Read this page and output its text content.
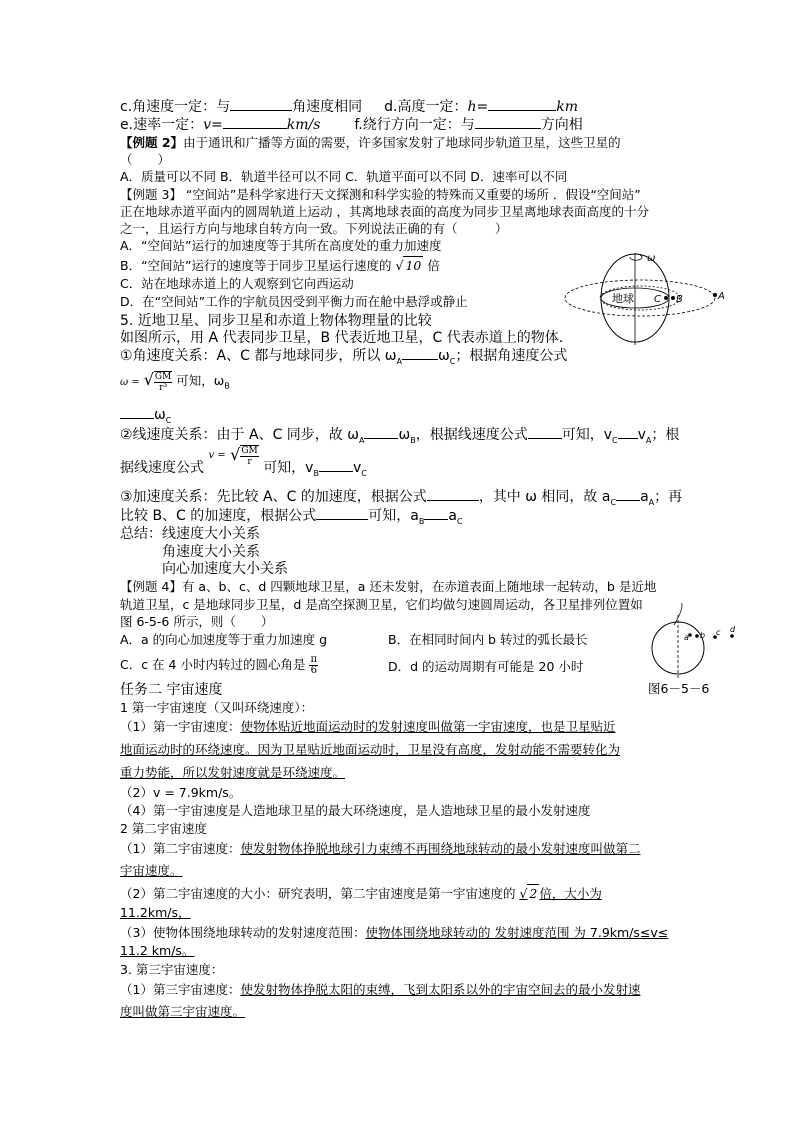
c.角速度一定：与	角速度相同 d.高度一定：h=	km
e.速率一定：v=	km/s f.绕行方向一定：与	方向相
【例题 2】由于通讯和广播等方面的需要，许多国家发射了地球同步轨道卫星，这些卫星的
（　　）
A．质量可以不同 B．轨道半径可以不同 C．轨道平面可以不同 D．速率可以不同
【例题 3】 “空间站”是科学家进行天文探测和科学实验的特殊而又重要的场所 ．假设“空间站”
正在地球赤道平面内的圆周轨道上运动 ，其离地球表面的高度为同步卫星离地球表面高度的十分
之一，且运行方向与地球自转方向一致。下列说法正确的有（　　　）
A．“空间站”运行的加速度等于其所在高度处的重力加速度
B．“空间站”运行的速度等于同步卫星运行速度的 √ 10 倍
C．站在地球赤道上的人观察到它向西运动
D．在“空间站”工作的宇航员因受到平衡力而在舱中悬浮或静止
ω
地球 C B	A
5. 近地卫星、同步卫星和赤道上物体物理量的比较
如图所示，用 A 代表同步卫星，B 代表近地卫星，C 代表赤道上的物体.
①角速度关系：A、C 都与地球同步，所以 $\omega_A$	$\omega_C$；根据角速度公式
ω = √ $\frac{GM}{\text{r³}}$ 可知，$\omega_B$
$\omega_C$
②线速度关系：由于 A、C 同步，故 $\omega_A$ $\omega_B$，根据线速度公式 可知，$v_C$ $v_A$；根
据线速度公式 v = √ $\frac{GM}{r}$
可知，$v_B$ $v_C$
③加速度关系：先比较 A、C 的加速度，根据公式	，其中 ω 相同，故 $a_C$ $a_A$；再
比较 B、C 的加速度，根据公式	可知，$a_B$ $a_C$
总结：线速度大小关系
角速度大小关系
向心加速度大小关系
【例题 4】有 a、b、c、d 四颗地球卫星，a 还未发射，在赤道表面上随地球一起转动，b 是近地
轨道卫星，c 是地球同步卫星，d 是高空探测卫星，它们均做匀速圆周运动，各卫星排列位置如
图 6-5-6 所示，则（　　）
A．a 的向心加速度等于重力加速度 g	B．在相同时间内 b 转过的弧长最长
C．c 在 4 小时内转过的圆心角是 $\frac{\pi}{6}$	D．d 的运动周期有可能是 20 小时
a b c d
图6－5－6
任务二 宇宙速度
1 第一宇宙速度（又叫环绕速度）：
（1）第一宇宙速度：使物体贴近地面运动时的发射速度叫做第一宇宙速度，也是卫星贴近
地面运动时的环绕速度。因为卫星贴近地面运动时，卫星没有高度，发射动能不需要转化为
重力势能，所以发射速度就是环绕速度。
（2）v = 7.9km/s。
（4）第一宇宙速度是人造地球卫星的最大环绕速度，是人造地球卫星的最小发射速度
2 第二宇宙速度
（1）第二宇宙速度：使发射物体挣脱地球引力束缚不再围绕地球转动的最小发射速度叫做第二
宇宙速度。
（2）第二宇宙速度的大小：研究表明，第二宇宙速度是第一宇宙速度的 √ 2 倍，大小为
11.2km/s，
（3）使物体围绕地球转动的发射速度范围：使物体围绕地球转动的 发射速度范围 为 7.9km/s≤v≤
11.2 km/s。
3. 第三宇宙速度：
（1）第三宇宙速度：使发射物体挣脱太阳的束缚，飞到太阳系以外的宇宙空间去的最小发射速
度叫做第三宇宙速度。
